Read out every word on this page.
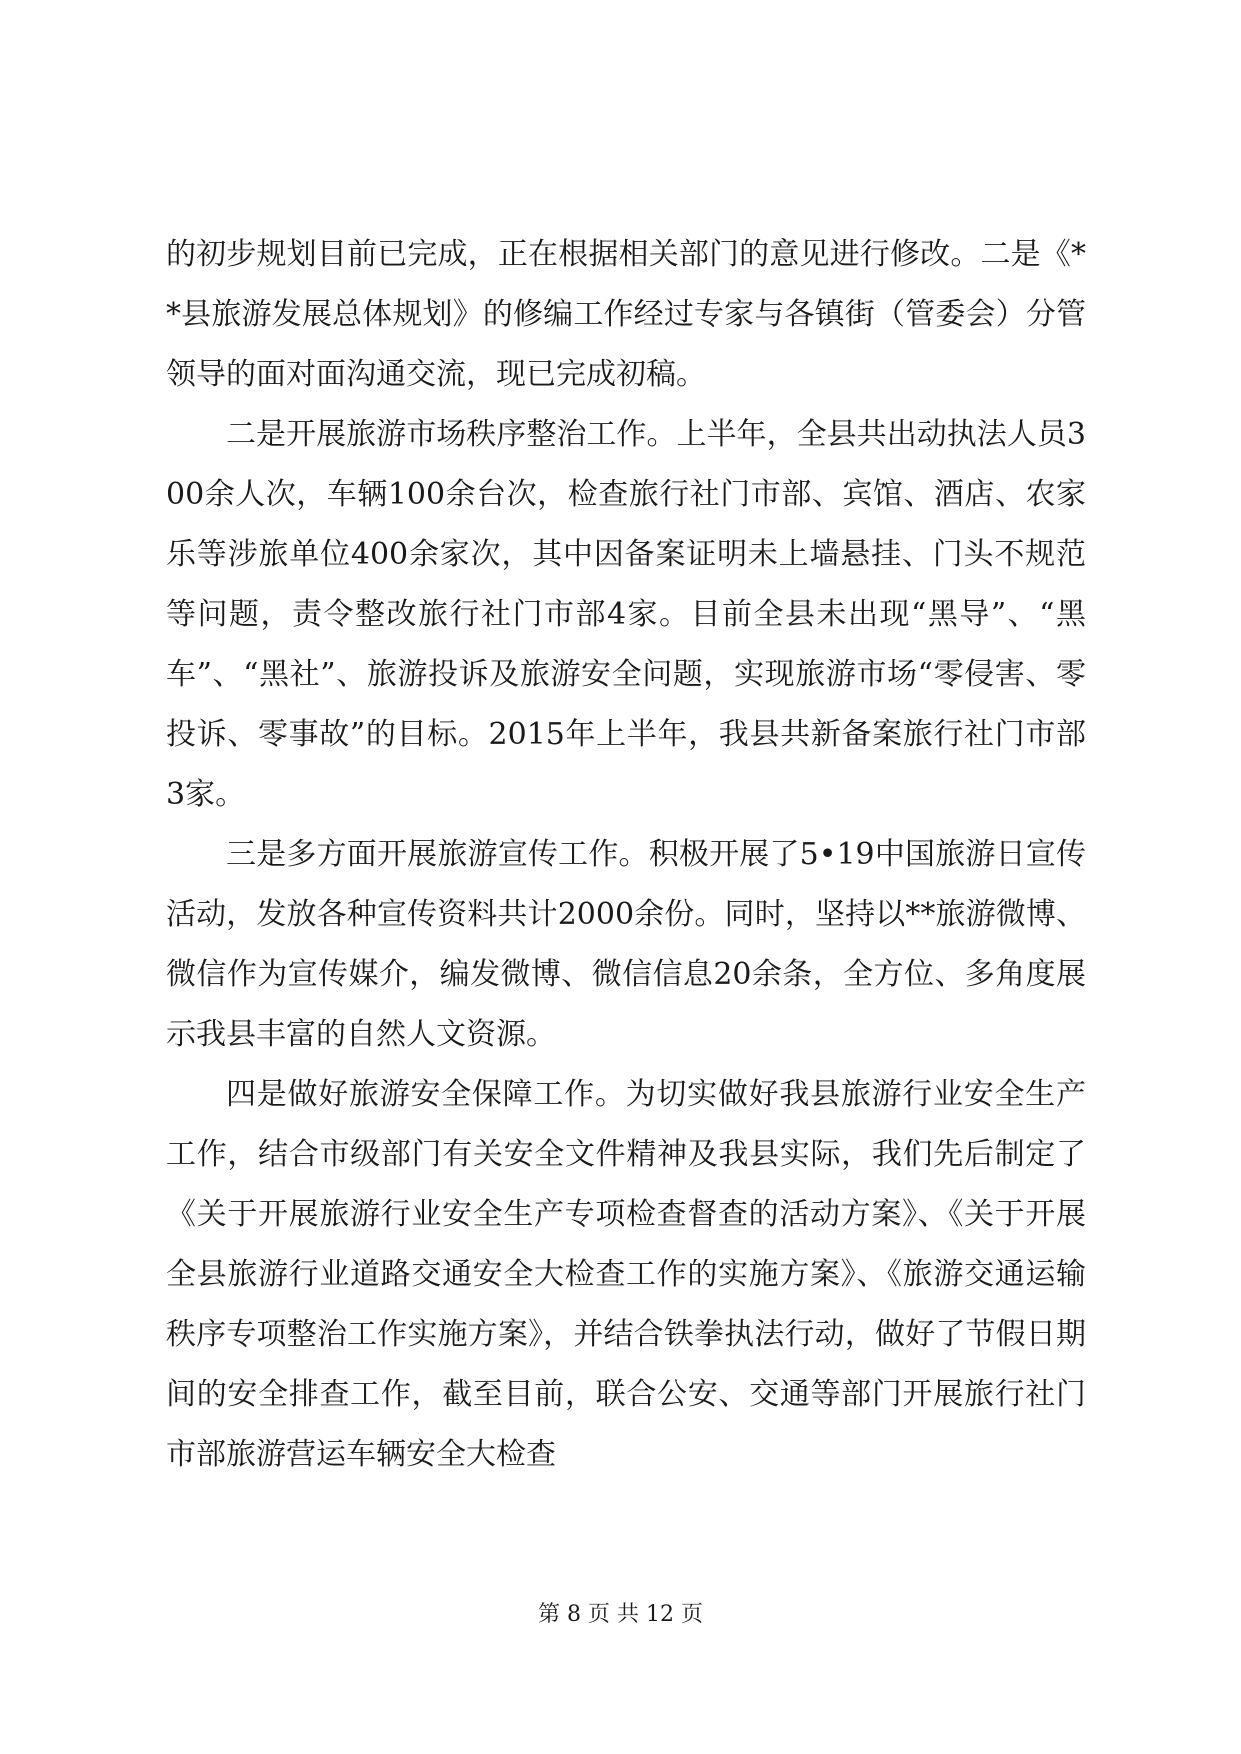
的初步规划目前已完成，正在根据相关部门的意见进行修改。二是《**县旅游发展总体规划》的修编工作经过专家与各镇街（管委会）分管领导的面对面沟通交流，现已完成初稿。

二是开展旅游市场秩序整治工作。上半年，全县共出动执法人员300余人次，车辆100余台次，检查旅行社门市部、宾馆、酒店、农家乐等涉旅单位400余家次，其中因备案证明未上墙悬挂、门头不规范等问题，责令整改旅行社门市部4家。目前全县未出现“黑导”、“黑车”、“黑社”、旅游投诉及旅游安全问题，实现旅游市场“零侵害、零投诉、零事故”的目标。2015年上半年，我县共新备案旅行社门市部3家。

三是多方面开展旅游宣传工作。积极开展了5•19中国旅游日宣传活动，发放各种宣传资料共计2000余份。同时，坚持以**旅游微博、微信作为宣传媒介，编发微博、微信信息20余条，全方位、多角度展示我县丰富的自然人文资源。

四是做好旅游安全保障工作。为切实做好我县旅游行业安全生产工作，结合市级部门有关安全文件精神及我县实际，我们先后制定了《关于开展旅游行业安全生产专项检查督查的活动方案》、《关于开展全县旅游行业道路交通安全大检查工作的实施方案》、《旅游交通运输秩序专项整治工作实施方案》，并结合铁拳执法行动，做好了节假日期间的安全排查工作，截至目前，联合公安、交通等部门开展旅行社门市部旅游营运车辆安全大检查

第 8 页 共 12 页
